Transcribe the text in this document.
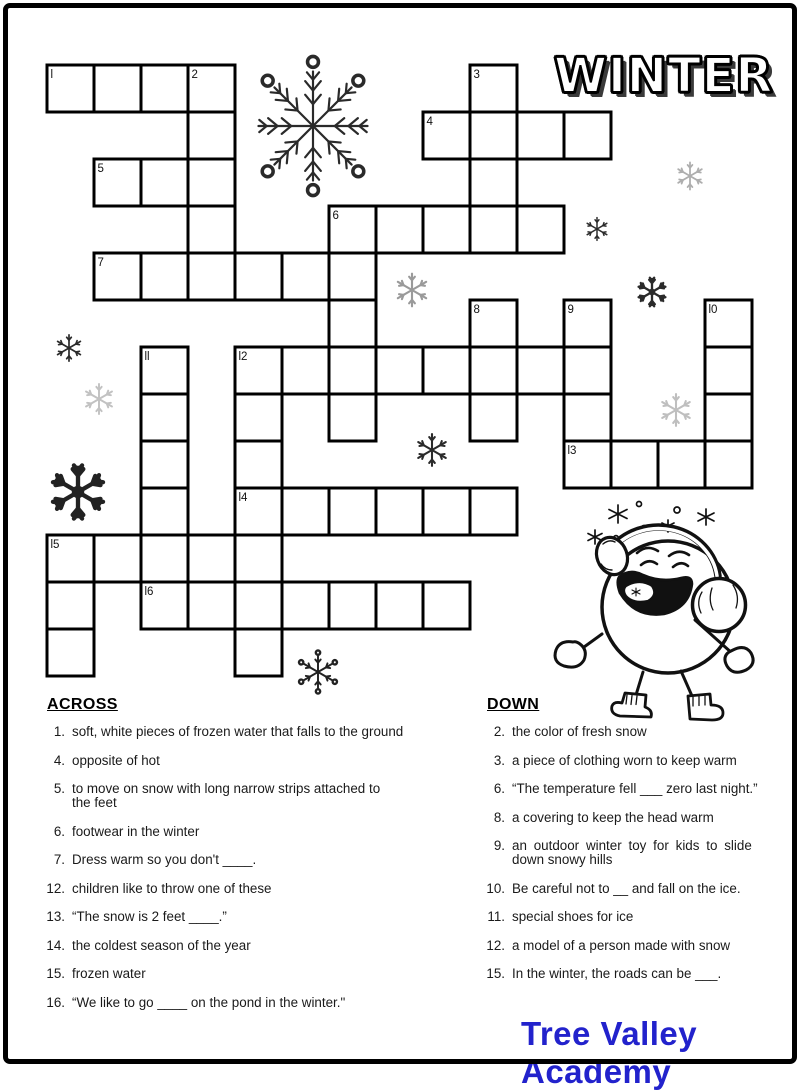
l	2	3
4
5
6
7
8	9	l0
ll	l2
l3
l4
l5
l6
WINTER
ACROSS
1. soft, white pieces of frozen water that falls to the ground
4. opposite of hot
5. to move on snow with long narrow strips attached to
the feet
6. footwear in the winter
7. Dress warm so you don't ____.
12. children like to throw one of these
13. “The snow is 2 feet ____.”
14. the coldest season of the year
15. frozen water
16. “We like to go ____ on the pond in the winter."
DOWN
2. the color of fresh snow
3. a piece of clothing worn to keep warm
6. “The temperature fell ___ zero last night.”
8. a covering to keep the head warm
9. an outdoor winter toy for kids to slide
down snowy hills
10. Be careful not to __ and fall on the ice.
11. special shoes for ice
12. a model of a person made with snow
15. In the winter, the roads can be ___.
Tree Valley Academy
